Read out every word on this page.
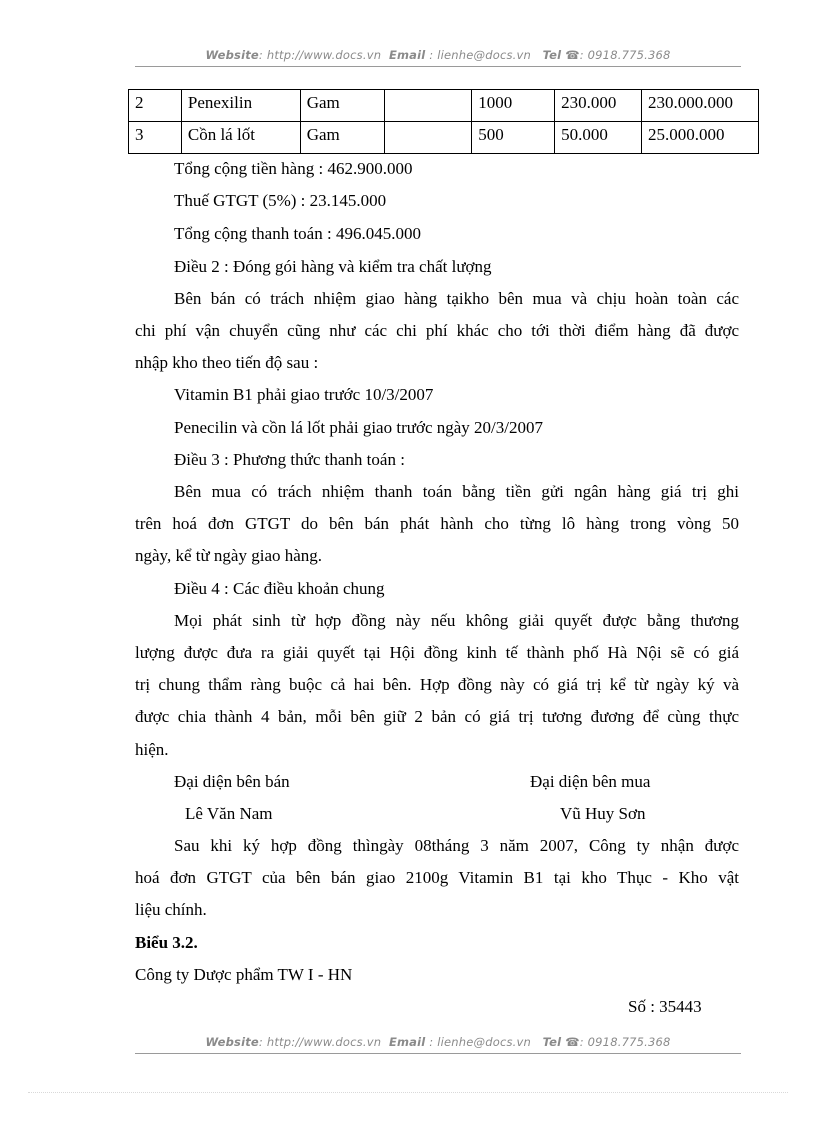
Website: http://www.docs.vn Email : lienhe@docs.vn Tel ☎: 0918.775.368
2	Penexilin	Gam		1000	230.000	230.000.000
3	Cồn lá lốt	Gam		500	50.000	25.000.000
Tổng cộng tiền hàng : 462.900.000
Thuế GTGT (5%) : 23.145.000
Tổng cộng thanh toán : 496.045.000
Điều 2 : Đóng gói hàng và kiểm tra chất lượng
Bên bán có trách nhiệm giao hàng tạikho bên mua và chịu hoàn toàn các
chi phí vận chuyển cũng như các chi phí khác cho tới thời điểm hàng đã được
nhập kho theo tiến độ sau :
Vitamin B1 phải giao trước 10/3/2007
Penecilin và cồn lá lốt phải giao trước ngày 20/3/2007
Điều 3 : Phương thức thanh toán :
Bên mua có trách nhiệm thanh toán bằng tiền gửi ngân hàng giá trị ghi
trên hoá đơn GTGT do bên bán phát hành cho từng lô hàng trong vòng 50
ngày, kể từ ngày giao hàng.
Điều 4 : Các điều khoản chung
Mọi phát sinh từ hợp đồng này nếu không giải quyết được bằng thương
lượng được đưa ra giải quyết tại Hội đồng kinh tế thành phố Hà Nội sẽ có giá
trị chung thẩm ràng buộc cả hai bên. Hợp đồng này có giá trị kể từ ngày ký và
được chia thành 4 bản, mỗi bên giữ 2 bản có giá trị tương đương để cùng thực
hiện.
Đại diện bên bán	Đại diện bên mua
Lê Văn Nam	Vũ Huy Sơn
Sau khi ký hợp đồng thìngày 08tháng 3 năm 2007, Công ty nhận được
hoá đơn GTGT của bên bán giao 2100g Vitamin B1 tại kho Thục - Kho vật
liệu chính.
Biểu 3.2.
Công ty Dược phẩm TW I - HN
Số : 35443
Website: http://www.docs.vn Email : lienhe@docs.vn Tel ☎: 0918.775.368
